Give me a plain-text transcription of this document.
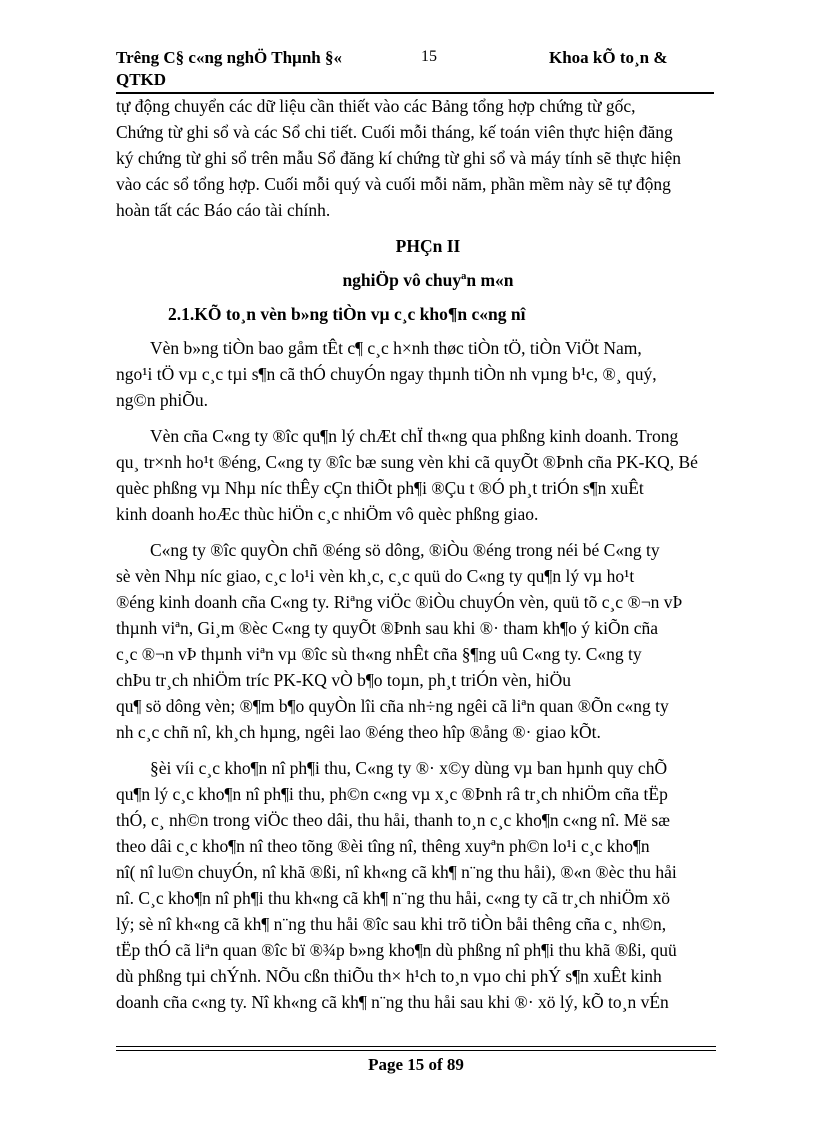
Trêng C§ c«ng nghÖ Thµnh §«	15	Khoa kÕ to¸n &
QTKD

tự động chuyển các dữ liệu cần thiết vào các Bảng tổng hợp chứng từ gốc,
Chứng từ ghi sổ và các Sổ chi tiết. Cuối mỗi tháng, kế toán viên thực hiện đăng
ký chứng từ ghi sổ trên mẫu Sổ đăng kí chứng từ ghi sổ và máy tính sẽ thực hiện
vào các sổ tổng hợp. Cuối mỗi quý và cuối mỗi năm, phần mềm này sẽ tự động
hoàn tất các Báo cáo tài chính.

PHÇn II
nghiÖp vô chuyªn m«n

2.1.KÕ to¸n vèn b»ng tiÒn vµ c¸c kho¶n c«ng nî

Vèn b»ng tiÒn bao gåm tÊt c¶ c¸c h×nh thøc tiÒn tÖ, tiÒn ViÖt Nam,
ngo¹i tÖ vµ c¸c tµi s¶n cã thÓ chuyÓn ngay thµnh tiÒn nh vµng b¹c, ®¸ quý,
ng©n phiÕu.

Vèn cña C«ng ty ®îc qu¶n lý chÆt chÏ th«ng qua phßng kinh doanh. Trong
qu¸ tr×nh ho¹t ®éng, C«ng ty ®îc bæ sung vèn khi cã quyÕt ®Þnh cña PK-KQ, Bé
quèc phßng vµ Nhµ níc thÊy cÇn thiÕt ph¶i ®Çu t ®Ó ph¸t triÓn s¶n xuÊt
kinh doanh hoÆc thùc hiÖn c¸c nhiÖm vô quèc phßng giao.

C«ng ty ®îc quyÒn chñ ®éng sö dông, ®iÒu ®éng trong néi bé C«ng ty
sè vèn Nhµ níc giao, c¸c lo¹i vèn kh¸c, c¸c quü do C«ng ty qu¶n lý vµ ho¹t
®éng kinh doanh cña C«ng ty. Riªng viÖc ®iÒu chuyÓn vèn, quü tõ c¸c ®¬n vÞ
thµnh viªn, Gi¸m ®èc C«ng ty quyÕt ®Þnh sau khi ®· tham kh¶o ý kiÕn cña
c¸c ®¬n vÞ thµnh viªn vµ ®îc sù th«ng nhÊt cña §¶ng uû C«ng ty. C«ng ty
chÞu tr¸ch nhiÖm tríc PK-KQ vÒ b¶o toµn, ph¸t triÓn vèn, hiÖu
qu¶ sö dông vèn; ®¶m b¶o quyÒn lîi cña nh÷ng ngêi cã liªn quan ®Õn c«ng ty
nh c¸c chñ nî, kh¸ch hµng, ngêi lao ®éng theo hîp ®ång ®· giao kÕt.

§èi víi c¸c kho¶n nî ph¶i thu, C«ng ty ®· x©y dùng vµ ban hµnh quy chÕ
qu¶n lý c¸c kho¶n nî ph¶i thu, ph©n c«ng vµ x¸c ®Þnh râ tr¸ch nhiÖm cña tËp
thÓ, c¸ nh©n trong viÖc theo dâi, thu håi, thanh to¸n c¸c kho¶n c«ng nî. Më sæ
theo dâi c¸c kho¶n nî theo tõng ®èi tîng nî, thêng xuyªn ph©n lo¹i c¸c kho¶n
nî( nî lu©n chuyÓn, nî khã ®ßi, nî kh«ng cã kh¶ n¨ng thu håi), ®«n ®èc thu håi
nî. C¸c kho¶n nî ph¶i thu kh«ng cã kh¶ n¨ng thu håi, c«ng ty cã tr¸ch nhiÖm xö
lý; sè nî kh«ng cã kh¶ n¨ng thu håi ®îc sau khi trõ tiÒn båi thêng cña c¸ nh©n,
tËp thÓ cã liªn quan ®îc bï ®¾p b»ng kho¶n dù phßng nî ph¶i thu khã ®ßi, quü
dù phßng tµi chÝnh. NÕu cßn thiÕu th× h¹ch to¸n vµo chi phÝ s¶n xuÊt kinh
doanh cña c«ng ty. Nî kh«ng cã kh¶ n¨ng thu håi sau khi ®· xö lý, kÕ to¸n vÉn

Page 15 of 89
